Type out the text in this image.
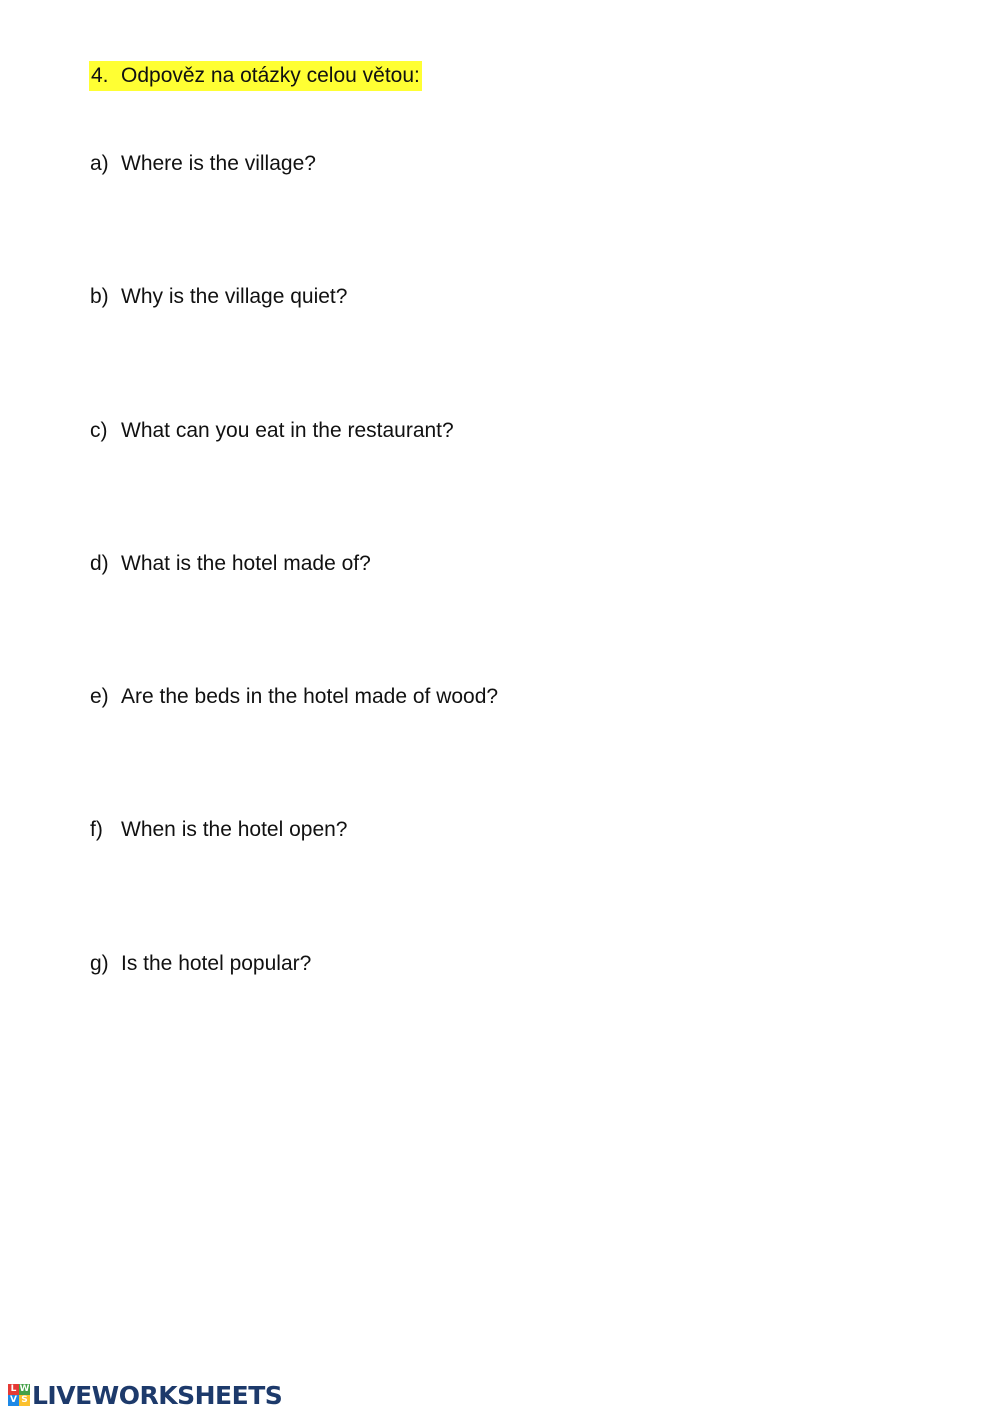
4. Odpověz na otázky celou větou:
a) Where is the village?
b) Why is the village quiet?
c) What can you eat in the restaurant?
d) What is the hotel made of?
e) Are the beds in the hotel made of wood?
f) When is the hotel open?
g) Is the hotel popular?
L W
V S LIVEWORKSHEETS
